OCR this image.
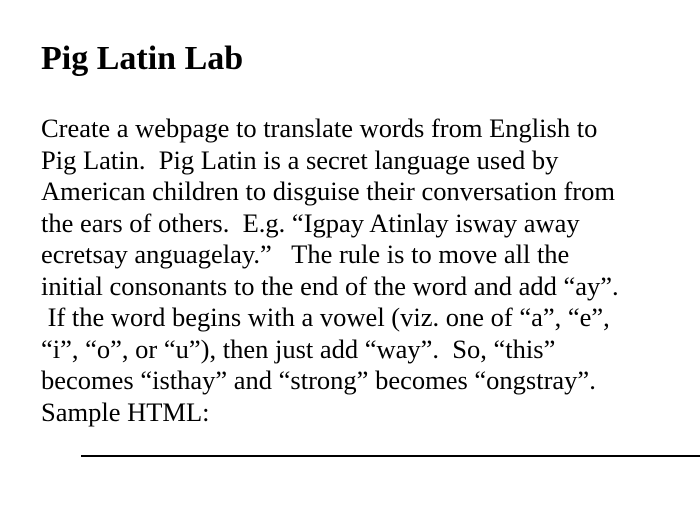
Pig Latin Lab

Create a webpage to translate words from English to
Pig Latin.  Pig Latin is a secret language used by
American children to disguise their conversation from
the ears of others.  E.g. “Igpay Atinlay isway away
ecretsay anguagelay.”   The rule is to move all the
initial consonants to the end of the word and add “ay”.
If the word begins with a vowel (viz. one of “a”, “e”,
“i”, “o”, or “u”), then just add “way”.  So, “this”
becomes “isthay” and “strong” becomes “ongstray”.
Sample HTML:
